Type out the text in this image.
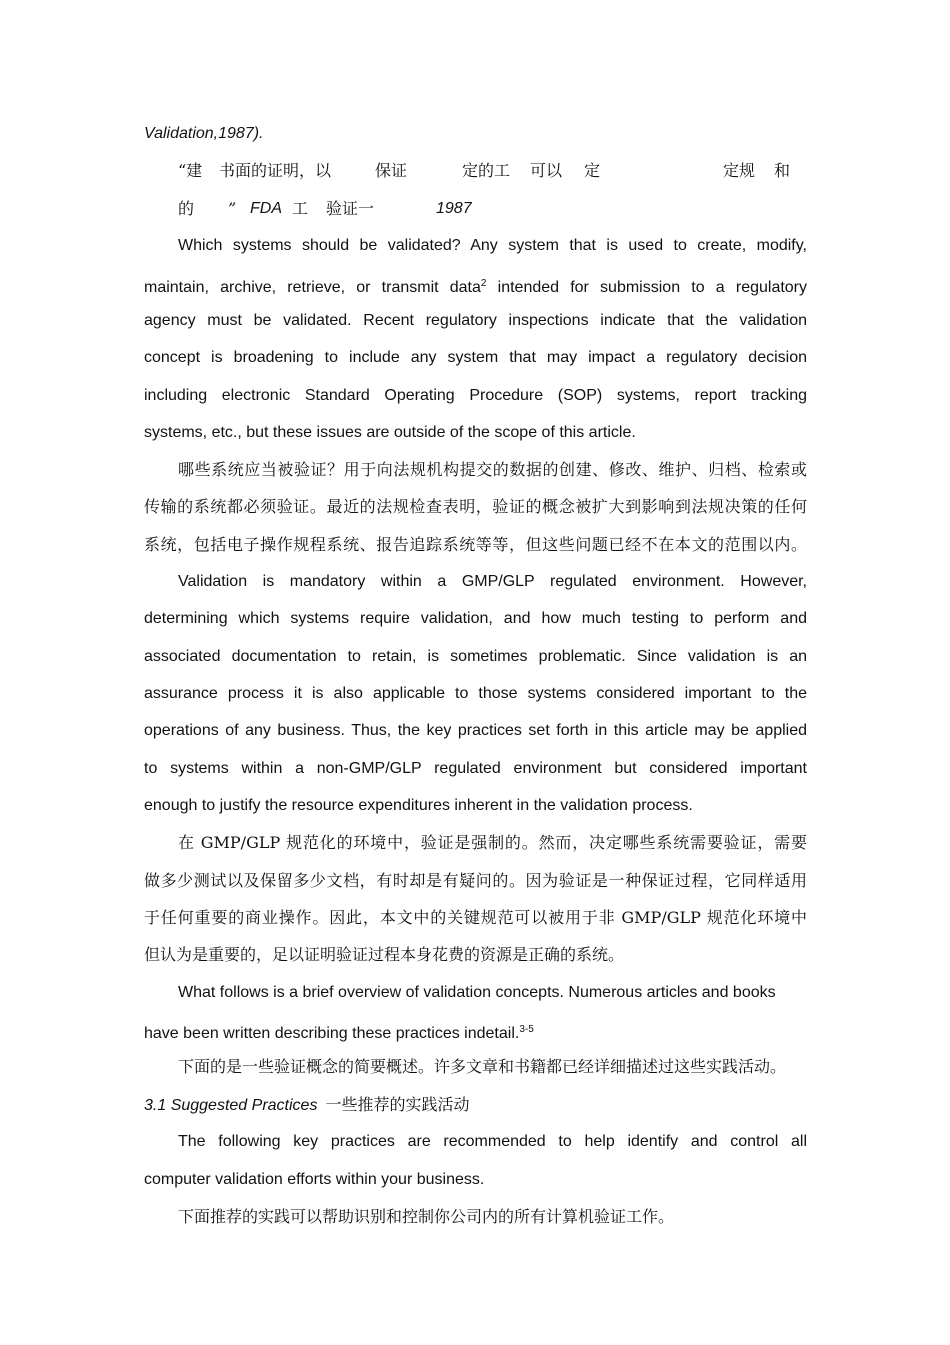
Validation,1987).
“建 书面的证明，以	保证	定的工 可以 定	定规 和
的 ” FDA 工 验证一	1987
Which systems should be validated? Any system that is used to create, modify,
maintain, archive, retrieve, or transmit data$^2$ intended for submission to a regulatory
agency must be validated. Recent regulatory inspections indicate that the validation
concept is broadening to include any system that may impact a regulatory decision
including electronic Standard Operating Procedure (SOP) systems, report tracking
systems, etc., but these issues are outside of the scope of this article.
哪些系统应当被验证？用于向法规机构提交的数据的创建、修改、维护、归档、检索或
传输的系统都必须验证。最近的法规检查表明，验证的概念被扩大到影响到法规决策的任何
系统，包括电子操作规程系统、报告追踪系统等等，但这些问题已经不在本文的范围以内。
Validation is mandatory within a GMP/GLP regulated environment. However,
determining which systems require validation, and how much testing to perform and
associated documentation to retain, is sometimes problematic. Since validation is an
assurance process it is also applicable to those systems considered important to the
operations of any business. Thus, the key practices set forth in this article may be applied
to systems within a non-GMP/GLP regulated environment but considered important
enough to justify the resource expenditures inherent in the validation process.
在 GMP/GLP 规范化的环境中，验证是强制的。然而，决定哪些系统需要验证，需要
做多少测试以及保留多少文档，有时却是有疑问的。因为验证是一种保证过程，它同样适用
于任何重要的商业操作。因此，本文中的关键规范可以被用于非 GMP/GLP 规范化环境中
但认为是重要的，足以证明验证过程本身花费的资源是正确的系统。
What follows is a brief overview of validation concepts. Numerous articles and books
have been written describing these practices indetail.$^{3-5}$
下面的是一些验证概念的简要概述。许多文章和书籍都已经详细描述过这些实践活动。
3.1 Suggested Practices 一些推荐的实践活动
The following key practices are recommended to help identify and control all
computer validation efforts within your business.
下面推荐的实践可以帮助识别和控制你公司内的所有计算机验证工作。
